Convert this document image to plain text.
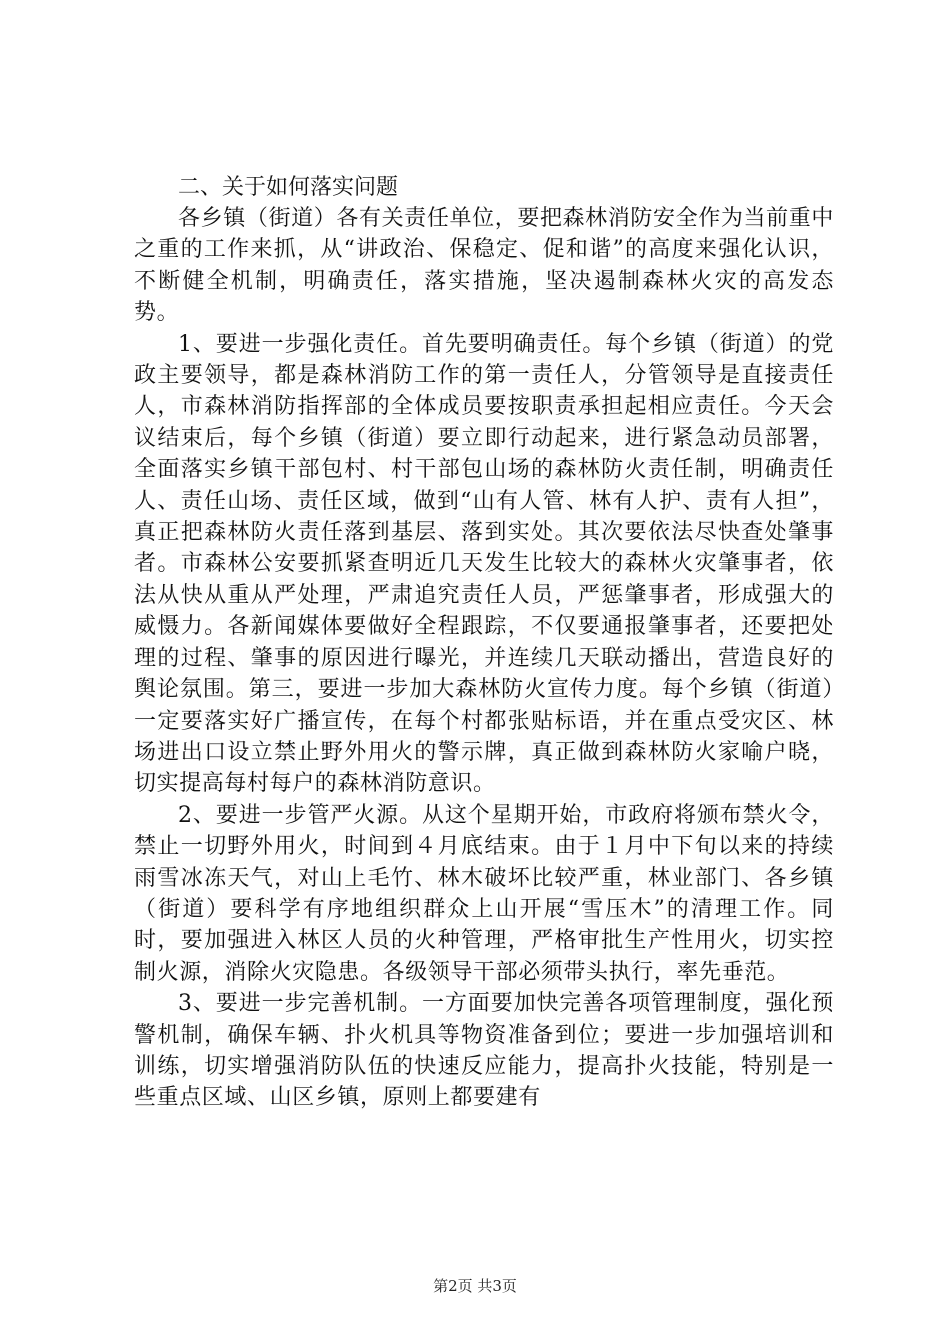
二、关于如何落实问题

各乡镇（街道）各有关责任单位，要把森林消防安全作为当前重中之重的工作来抓，从“讲政治、保稳定、促和谐”的高度来强化认识，不断健全机制，明确责任，落实措施，坚决遏制森林火灾的高发态势。

1、要进一步强化责任。首先要明确责任。每个乡镇（街道）的党政主要领导，都是森林消防工作的第一责任人，分管领导是直接责任人，市森林消防指挥部的全体成员要按职责承担起相应责任。今天会议结束后，每个乡镇（街道）要立即行动起来，进行紧急动员部署，全面落实乡镇干部包村、村干部包山场的森林防火责任制，明确责任人、责任山场、责任区域，做到“山有人管、林有人护、责有人担”，真正把森林防火责任落到基层、落到实处。其次要依法尽快查处肇事者。市森林公安要抓紧查明近几天发生比较大的森林火灾肇事者，依法从快从重从严处理，严肃追究责任人员，严惩肇事者，形成强大的威慑力。各新闻媒体要做好全程跟踪，不仅要通报肇事者，还要把处理的过程、肇事的原因进行曝光，并连续几天联动播出，营造良好的舆论氛围。第三，要进一步加大森林防火宣传力度。每个乡镇（街道）一定要落实好广播宣传，在每个村都张贴标语，并在重点受灾区、林场进出口设立禁止野外用火的警示牌，真正做到森林防火家喻户晓，切实提高每村每户的森林消防意识。

2、要进一步管严火源。从这个星期开始，市政府将颁布禁火令，禁止一切野外用火，时间到４月底结束。由于１月中下旬以来的持续雨雪冰冻天气，对山上毛竹、林木破坏比较严重，林业部门、各乡镇（街道）要科学有序地组织群众上山开展“雪压木”的清理工作。同时，要加强进入林区人员的火种管理，严格审批生产性用火，切实控制火源，消除火灾隐患。各级领导干部必须带头执行，率先垂范。

3、要进一步完善机制。一方面要加快完善各项管理制度，强化预警机制，确保车辆、扑火机具等物资准备到位；要进一步加强培训和训练，切实增强消防队伍的快速反应能力，提高扑火技能，特别是一些重点区域、山区乡镇，原则上都要建有

第2页 共3页
